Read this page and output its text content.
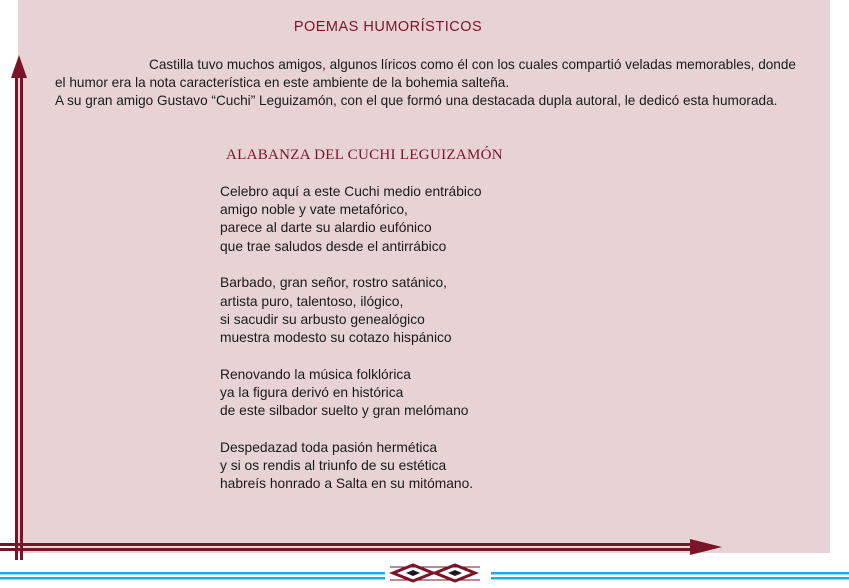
POEMAS HUMORÍSTICOS

Castilla tuvo muchos amigos, algunos líricos como él con los cuales compartió veladas memorables, donde el humor era la nota característica en este ambiente de la bohemia salteña.

A su gran amigo Gustavo “Cuchi” Leguizamón, con el que formó una destacada dupla autoral, le dedicó esta humorada.

ALABANZA DEL CUCHI LEGUIZAMÓN
Celebro aquí a este Cuchi medio entrábico
amigo noble y vate metafórico,
parece al darte su alardio eufónico
que trae saludos desde el antirrábico
Barbado, gran señor, rostro satánico,
artista puro, talentoso, ilógico,
si sacudir su arbusto genealógico
muestra modesto su cotazo hispánico
Renovando la música folklórica
ya la figura derivó en histórica
de este silbador suelto y gran melómano
Despedazad toda pasión hermética
y si os rendis al triunfo de su estética
habreís honrado a Salta en su mitómano.
